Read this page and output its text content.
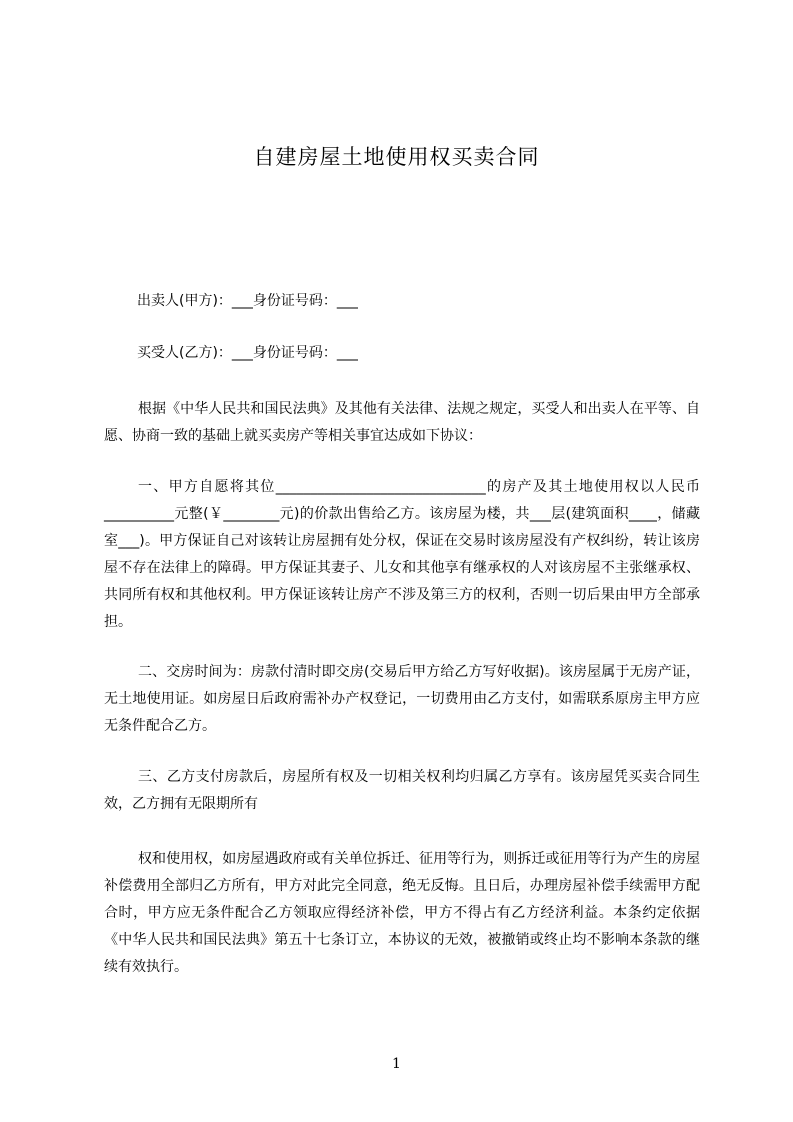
自建房屋土地使用权买卖合同
出卖人(甲方)：___身份证号码：___
买受人(乙方)：___身份证号码：___
根据《中华人民共和国民法典》及其他有关法律、法规之规定，买受人和出卖人在平等、自愿、协商一致的基础上就买卖房产等相关事宜达成如下协议：
一、甲方自愿将其位______________________________的房产及其土地使用权以人民币__________元整(￥________元)的价款出售给乙方。该房屋为楼，共___层(建筑面积____，储藏室___)。甲方保证自己对该转让房屋拥有处分权，保证在交易时该房屋没有产权纠纷，转让该房屋不存在法律上的障碍。甲方保证其妻子、儿女和其他享有继承权的人对该房屋不主张继承权、共同所有权和其他权利。甲方保证该转让房产不涉及第三方的权利，否则一切后果由甲方全部承担。
二、交房时间为：房款付清时即交房(交易后甲方给乙方写好收据)。该房屋属于无房产证，无土地使用证。如房屋日后政府需补办产权登记，一切费用由乙方支付，如需联系原房主甲方应无条件配合乙方。
三、乙方支付房款后，房屋所有权及一切相关权利均归属乙方享有。该房屋凭买卖合同生效，乙方拥有无限期所有
权和使用权，如房屋遇政府或有关单位拆迁、征用等行为，则拆迁或征用等行为产生的房屋补偿费用全部归乙方所有，甲方对此完全同意，绝无反悔。且日后，办理房屋补偿手续需甲方配合时，甲方应无条件配合乙方领取应得经济补偿，甲方不得占有乙方经济利益。本条约定依据《中华人民共和国民法典》第五十七条订立，本协议的无效，被撤销或终止均不影响本条款的继续有效执行。
1
